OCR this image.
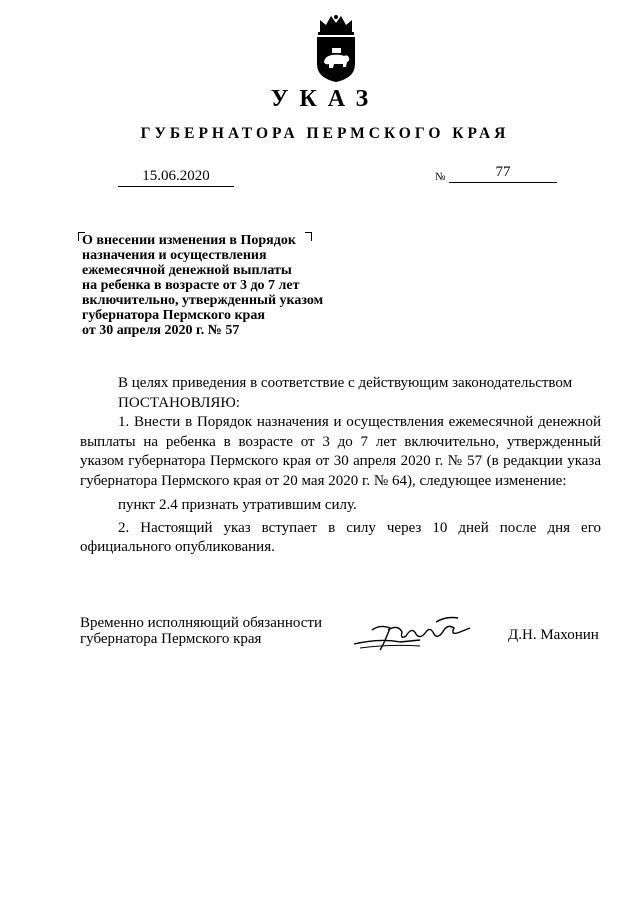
УКАЗ
ГУБЕРНАТОРА ПЕРМСКОГО КРАЯ
15.06.2020	№	77
О внесении изменения в Порядок
назначения и осуществления
ежемесячной денежной выплаты
на ребенка в возрасте от 3 до 7 лет
включительно, утвержденный указом
губернатора Пермского края
от 30 апреля 2020 г. № 57
В целях приведения в соответствие с действующим законодательством
ПОСТАНОВЛЯЮ:
1. Внести в Порядок назначения и осуществления ежемесячной денежной выплаты на ребенка в возрасте от 3 до 7 лет включительно, утвержденный указом губернатора Пермского края от 30 апреля 2020 г. № 57 (в редакции указа губернатора Пермского края от 20 мая 2020 г. № 64), следующее изменение:
пункт 2.4 признать утратившим силу.
2. Настоящий указ вступает в силу через 10 дней после дня его официального опубликования.
Временно исполняющий обязанности
губернатора Пермского края	Д.Н. Махонин
